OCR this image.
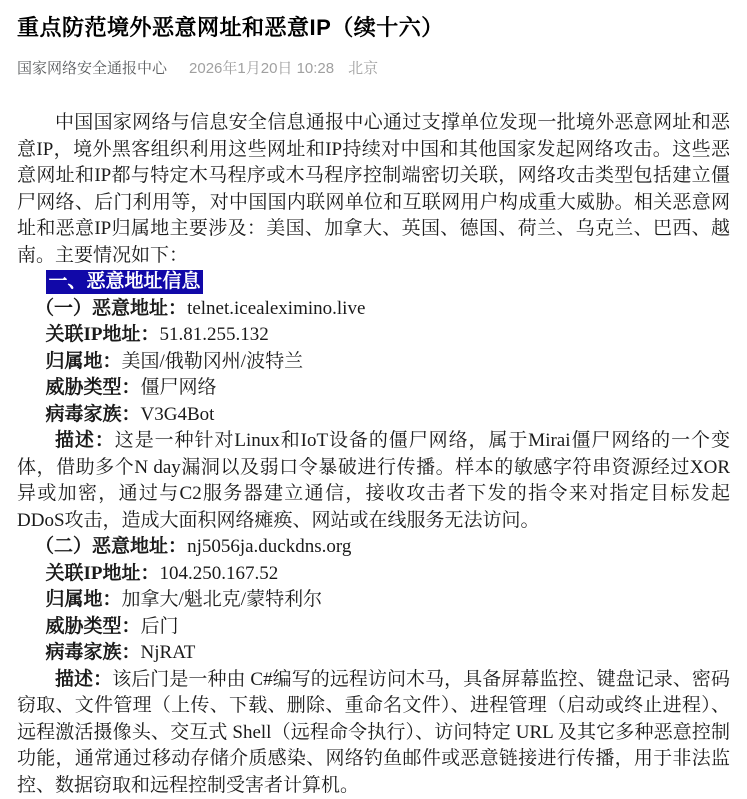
重点防范境外恶意网址和恶意IP（续十六）
国家网络安全通报中心 2026年1月20日 10:28 北京

中国国家网络与信息安全信息通报中心通过支撑单位发现一批境外恶意网址和恶意IP，境外黑客组织利用这些网址和IP持续对中国和其他国家发起网络攻击。这些恶意网址和IP都与特定木马程序或木马程序控制端密切关联，网络攻击类型包括建立僵尸网络、后门利用等，对中国国内联网单位和互联网用户构成重大威胁。相关恶意网址和恶意IP归属地主要涉及：美国、加拿大、英国、德国、荷兰、乌克兰、巴西、越南。主要情况如下：

一、恶意地址信息

（一）恶意地址：telnet.icealeximino.live

关联IP地址：51.81.255.132

归属地：美国/俄勒冈州/波特兰

威胁类型：僵尸网络

病毒家族：V3G4Bot

描述：这是一种针对Linux和IoT设备的僵尸网络，属于Mirai僵尸网络的一个变体，借助多个N day漏洞以及弱口令暴破进行传播。样本的敏感字符串资源经过XOR异或加密，通过与C2服务器建立通信，接收攻击者下发的指令来对指定目标发起DDoS攻击，造成大面积网络瘫痪、网站或在线服务无法访问。

（二）恶意地址：nj5056ja.duckdns.org

关联IP地址：104.250.167.52

归属地：加拿大/魁北克/蒙特利尔

威胁类型：后门

病毒家族：NjRAT

描述：该后门是一种由 C#编写的远程访问木马，具备屏幕监控、键盘记录、密码窃取、文件管理（上传、下载、删除、重命名文件）、进程管理（启动或终止进程）、远程激活摄像头、交互式 Shell（远程命令执行）、访问特定 URL 及其它多种恶意控制功能，通常通过移动存储介质感染、网络钓鱼邮件或恶意链接进行传播，用于非法监控、数据窃取和远程控制受害者计算机。
